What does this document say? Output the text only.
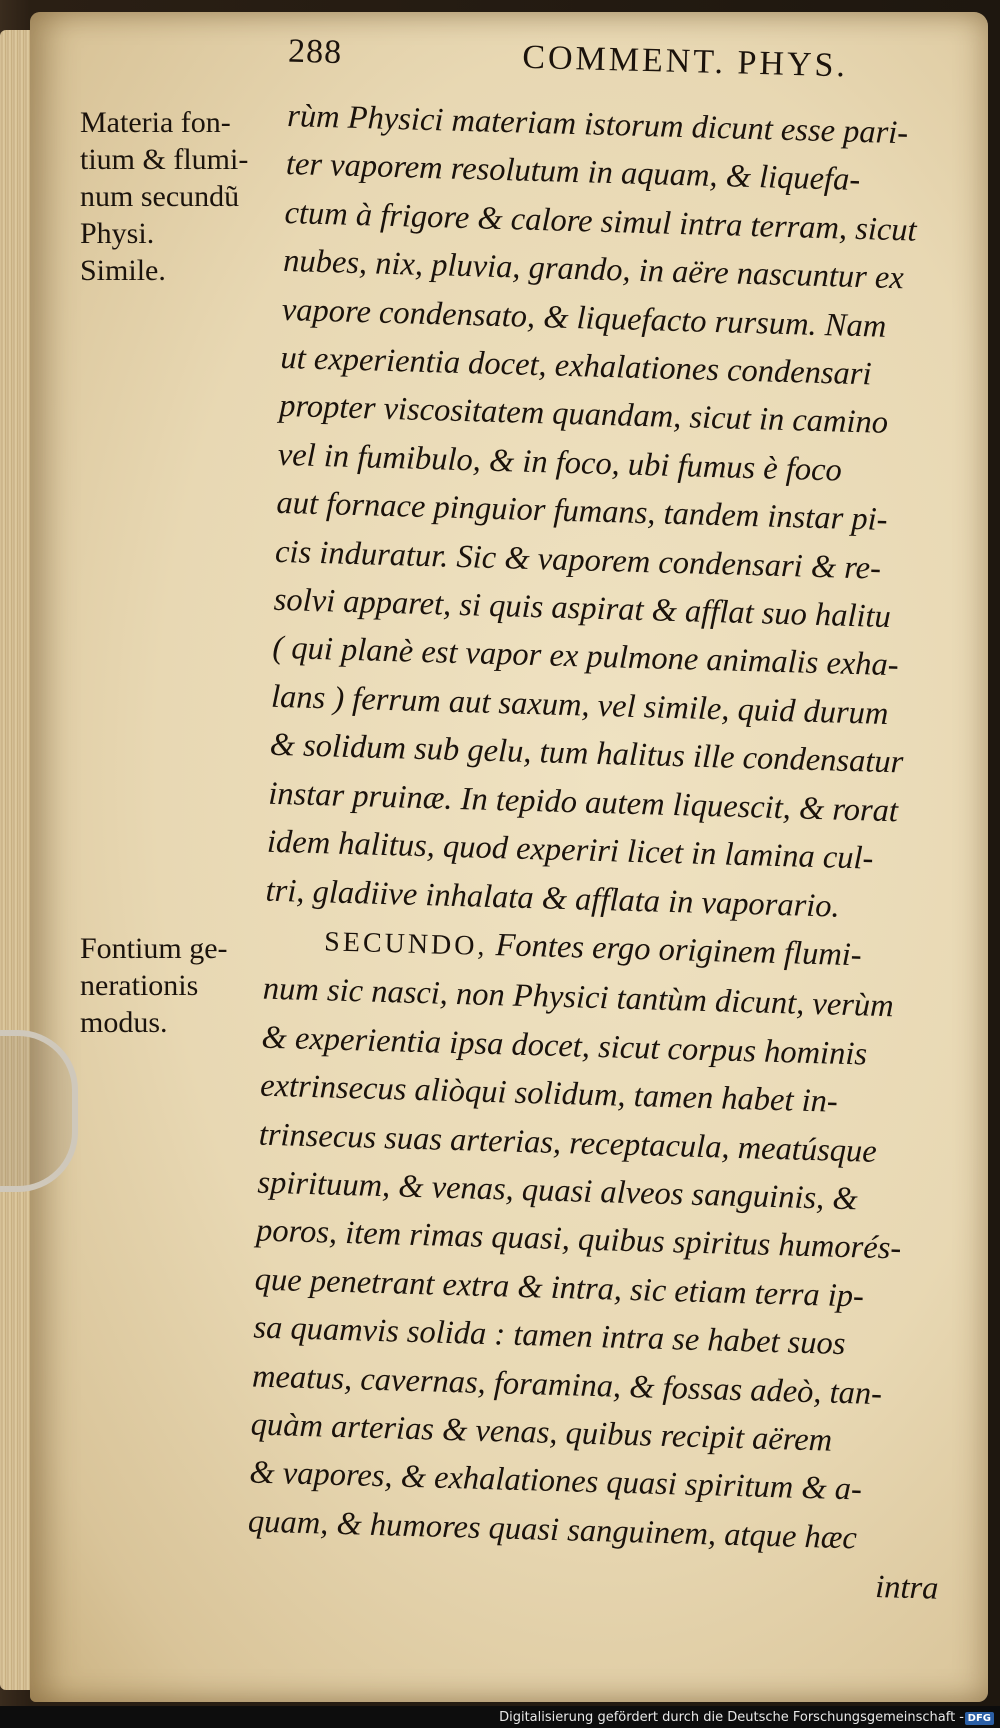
288	COMMENT. PHYS.
Materia fon-
tium & flumi-
num secundũ
Physi.
Simile.
Fontium ge-
nerationis
modus.
rùm Physici materiam istorum dicunt esse pari-
ter vaporem resolutum in aquam, & liquefa-
ctum à frigore & calore simul intra terram, sicut
nubes, nix, pluvia, grando, in aëre nascuntur ex
vapore condensato, & liquefacto rursum. Nam
ut experientia docet, exhalationes condensari
propter viscositatem quandam, sicut in camino
vel in fumibulo, & in foco, ubi fumus è foco
aut fornace pinguior fumans, tandem instar pi-
cis induratur. Sic & vaporem condensari & re-
solvi apparet, si quis aspirat & afflat suo halitu
( qui planè est vapor ex pulmone animalis exha-
lans ) ferrum aut saxum, vel simile, quid durum
& solidum sub gelu, tum halitus ille condensatur
instar pruinæ. In tepido autem liquescit, & rorat
idem halitus, quod experiri licet in lamina cul-
tri, gladiive inhalata & afflata in vaporario.
SECUNDO, Fontes ergo originem flumi-
num sic nasci, non Physici tantùm dicunt, verùm
& experientia ipsa docet, sicut corpus hominis
extrinsecus aliòqui solidum, tamen habet in-
trinsecus suas arterias, receptacula, meatúsque
spirituum, & venas, quasi alveos sanguinis, &
poros, item rimas quasi, quibus spiritus humorés-
que penetrant extra & intra, sic etiam terra ip-
sa quamvis solida : tamen intra se habet suos
meatus, cavernas, foramina, & fossas adeò, tan-
quàm arterias & venas, quibus recipit aërem
& vapores, & exhalationes quasi spiritum & a-
quam, & humores quasi sanguinem, atque hæc
intra
Digitalisierung gefördert durch die Deutsche Forschungsgemeinschaft - DFG
